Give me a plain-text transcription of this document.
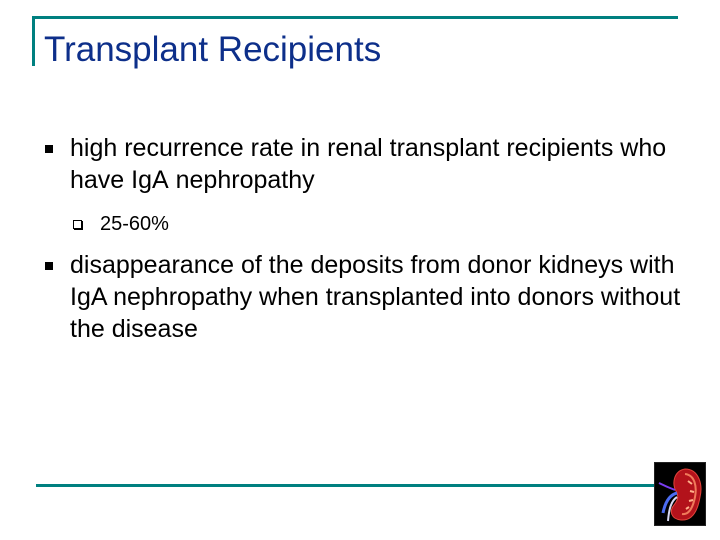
Transplant Recipients
high recurrence rate in renal transplant recipients who have IgА nephropathy
25-60%
disappearance of the deposits from donor kidneys with IgA nephropathy when transplanted into donors without the disease
